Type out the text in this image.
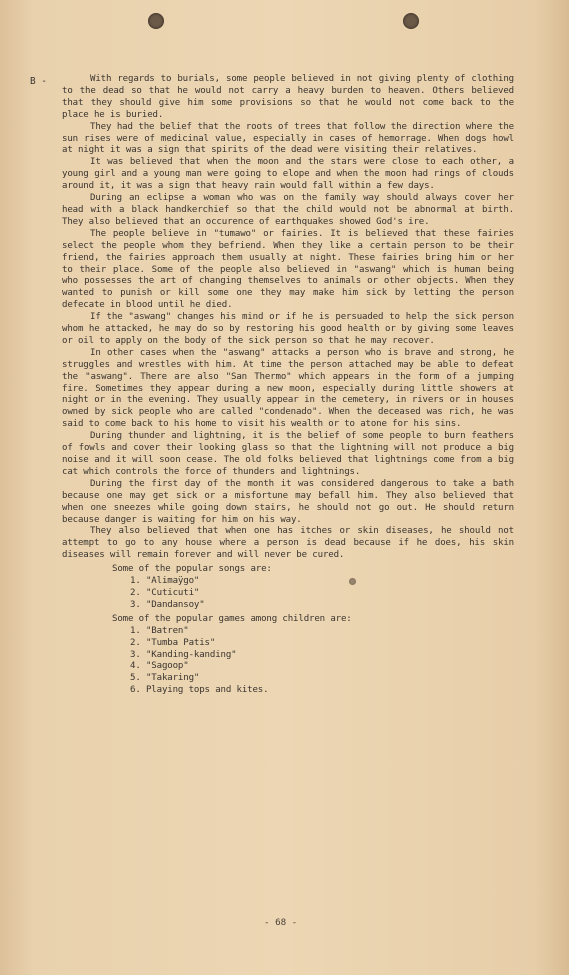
B -	With regards to burials, some people believed in not giving plenty of clothing to the dead so that he would not carry a heavy burden to heaven. Others believed that they should give him some provisions so that he would not come back to the place he is buried.

They had the belief that the roots of trees that follow the direction where the sun rises were of medicinal value, especially in cases of hemorrage. When dogs howl at night it was a sign that spirits of the dead were visiting their relatives.

It was believed that when the moon and the stars were close to each other, a young girl and a young man were going to elope and when the moon had rings of clouds around it, it was a sign that heavy rain would fall within a few days.

During an eclipse a woman who was on the family way should always cover her head with a black handkerchief so that the child would not be abnormal at birth. They also believed that an occurence of earthquakes showed God's ire.

The people believe in "tumawo" or fairies. It is believed that these fairies select the people whom they befriend. When they like a certain person to be their friend, the fairies approach them usually at night. These fairies bring him or her to their place. Some of the people also believed in "aswang" which is human being who possesses the art of changing themselves to animals or other objects. When they wanted to punish or kill some one they may make him sick by letting the person defecate in blood until he died.

If the "aswang" changes his mind or if he is persuaded to help the sick person whom he attacked, he may do so by restoring his good health or by giving some leaves or oil to apply on the body of the sick person so that he may recover.

In other cases when the "aswang" attacks a person who is brave and strong, he struggles and wrestles with him. At time the person attached may be able to defeat the "aswang". There are also "San Thermo" which appears in the form of a jumping fire. Sometimes they appear during a new moon, especially during little showers at night or in the evening. They usually appear in the cemetery, in rivers or in houses owned by sick people who are called "condenado". When the deceased was rich, he was said to come back to his home to visit his wealth or to atone for his sins.

During thunder and lightning, it is the belief of some people to burn feathers of fowls and cover their looking glass so that the lightning will not produce a big noise and it will soon cease. The old folks believed that lightnings come from a big cat which controls the force of thunders and lightnings.

During the first day of the month it was considered dangerous to take a bath because one may get sick or a misfortune may befall him. They also believed that when one sneezes while going down stairs, he should not go out. He should return because danger is waiting for him on his way.

They also believed that when one has itches or skin diseases, he should not attempt to go to any house where a person is dead because if he does, his skin diseases will remain forever and will never be cured.

Some of the popular songs are:
1. "Alimaÿgo"
2. "Cuticuti"
3. "Dandansoy"
Some of the popular games among children are:
1. "Batren"
2. "Tumba Patis"
3. "Kanding-kanding"
4. "Sagoop"
5. "Takaring"
6. Playing tops and kites.
- 68 -
